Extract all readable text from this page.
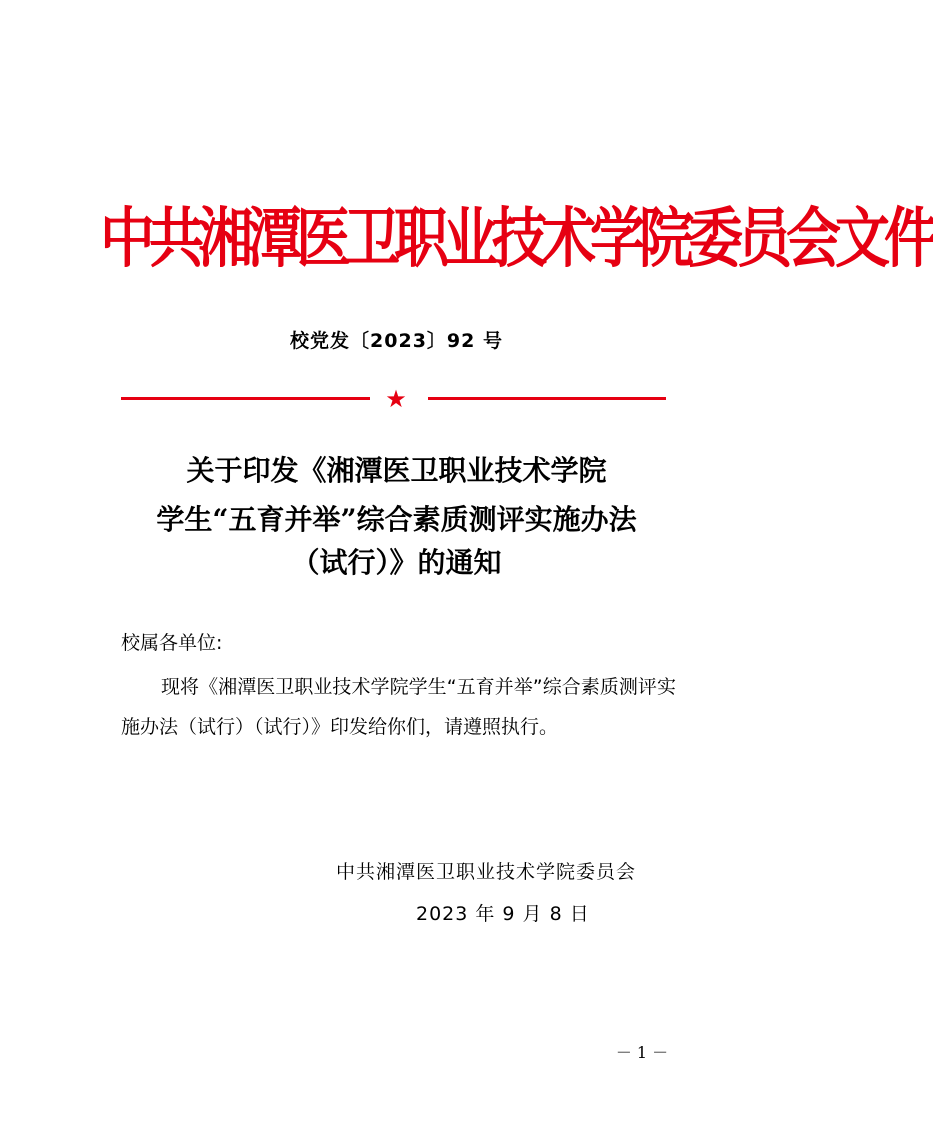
中共湘潭医卫职业技术学院委员会文件
校党发〔2023〕92 号
★
关于印发《湘潭医卫职业技术学院
学生“五育并举”综合素质测评实施办法
（试行）》的通知
校属各单位:
现将《湘潭医卫职业技术学院学生“五育并举”综合素质测评实施办法（试行）（试行）》印发给你们，请遵照执行。
中共湘潭医卫职业技术学院委员会
2023 年 9 月 8 日
－ 1 －
